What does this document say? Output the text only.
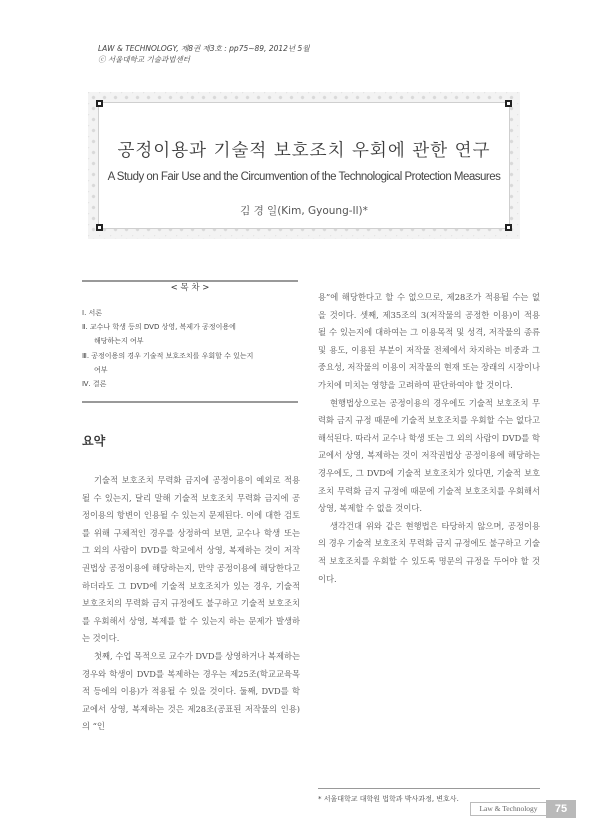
LAW & TECHNOLOGY, 제8권 제3호 : pp75~89, 2012년 5월
ⓒ 서울대학교 기술과법센터
공정이용과 기술적 보호조치 우회에 관한 연구
A Study on Fair Use and the Circumvention of the Technological Protection Measures
김 경 일(Kim, Gyoung-Il)*
< 목 차 >
Ⅰ. 서론
Ⅱ. 교수나 학생 등의 DVD 상영, 복제가 공정이용에
해당하는지 여부
Ⅲ. 공정이용의 경우 기술적 보호조치를 우회할 수 있는지
여부
Ⅳ. 결론
요약

기술적 보호조치 무력화 금지에 공정이용이 예외로 적용될 수 있는지, 달리 말해 기술적 보호조치 무력화 금지에 공정이용의 항변이 인용될 수 있는지 문제된다. 이에 대한 검토를 위해 구체적인 경우를 상정하여 보면, 교수나 학생 또는 그 외의 사람이 DVD를 학교에서 상영, 복제하는 것이 저작권법상 공정이용에 해당하는지, 만약 공정이용에 해당한다고 하더라도 그 DVD에 기술적 보호조치가 있는 경우, 기술적 보호조치의 무력화 금지 규정에도 불구하고 기술적 보호조치를 우회해서 상영, 복제를 할 수 있는지 하는 문제가 발생하는 것이다.

첫째, 수업 목적으로 교수가 DVD를 상영하거나 복제하는 경우와 학생이 DVD를 복제하는 경우는 제25조(학교교육목적 등에의 이용)가 적용될 수 있을 것이다. 둘째, DVD를 학교에서 상영, 복제하는 것은 제28조(공표된 저작물의 인용)의 “인

용”에 해당한다고 할 수 없으므로, 제28조가 적용될 수는 없을 것이다. 셋째, 제35조의 3(저작물의 공정한 이용)이 적용될 수 있는지에 대하여는 그 이용목적 및 성격, 저작물의 종류 및 용도, 이용된 부분이 저작물 전체에서 차지하는 비중과 그 중요성, 저작물의 이용이 저작물의 현재 또는 장래의 시장이나 가치에 미치는 영향을 고려하여 판단하여야 할 것이다.

현행법상으로는 공정이용의 경우에도 기술적 보호조치 무력화 금지 규정 때문에 기술적 보호조치를 우회할 수는 없다고 해석된다. 따라서 교수나 학생 또는 그 외의 사람이 DVD를 학교에서 상영, 복제하는 것이 저작권법상 공정이용에 해당하는 경우에도, 그 DVD에 기술적 보호조치가 있다면, 기술적 보호조치 무력화 금지 규정에 때문에 기술적 보호조치를 우회해서 상영, 복제할 수 없을 것이다.

생각건대 위와 같은 현행법은 타당하지 않으며, 공정이용의 경우 기술적 보호조치 무력화 금지 규정에도 불구하고 기술적 보호조치를 우회할 수 있도록 명문의 규정을 두어야 할 것이다.

* 서울대학교 대학원 법학과 박사과정, 변호사.
Law & Technology	75
